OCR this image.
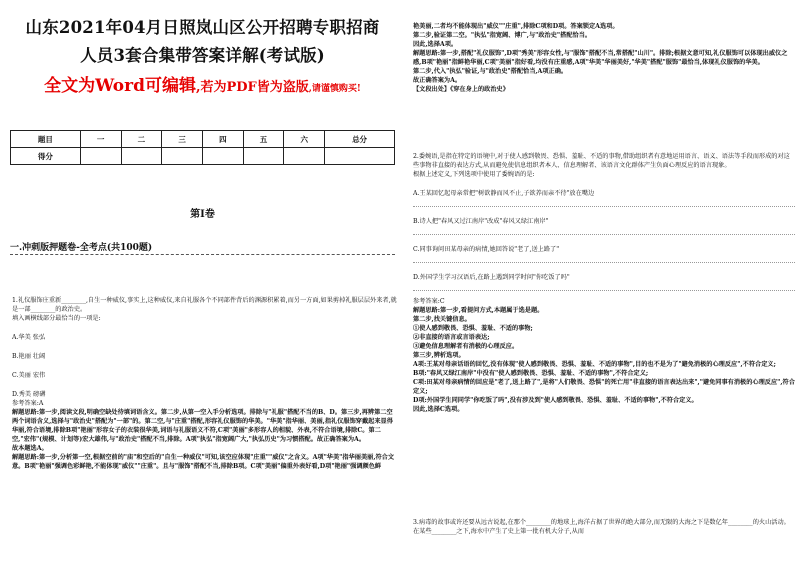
山东2021年04月日照岚山区公开招聘专职招商
人员3套合集带答案详解(考试版)
全文为Word可编辑,若为PDF皆为盗版,请谨慎购买!
题目	一	二	三	四	五	六	总分
得分							
第I卷
一.冲刺版押题卷-全考点(共100题)

1.礼仪服饰庄重新________,自生一种威仪,事实上,这种威仪,来自礼服各个不同部件背后的渊源积累着,而另一方面,如果剪掉礼服层层外来者,就是一部________的政治史。

填入画横线部分最恰当的一项是:

A.华美 张弘

B.艳丽 壮阔

C.美丽 宏伟

D.秀美 磅礴

参考答案:A

解题思路:第一步,阅读文段,明确空缺处待填词语含义。第二步,从第一空入手分析选项。排除与"礼服"搭配不当的B、D。第三步,再辨第二空两个词语含义,选择与"政治史"搭配为"一部"的。第二空,与"庄重"搭配,形容礼仪服饰的华美。"华美"指华丽、美丽,指礼仪服饰穿戴起来显得华丽,符合语境,排除B项"艳丽"形容女子的衣装很华美,词语与礼服语义不符,C项"美丽"多形容人的相貌、外表,不符合语境,排除C。第二空,"宏伟"(规模、计划等)宏大雄伟,与"政治史"搭配不当,排除。A项"执弘"指宽阔广大,"执弘历史"为习惯搭配。故正确答案为A。

故本题选A。

解题思路:第一步,分析第一空,根据空前的"庙"和空后的"自生一种威仪"可知,该空应体现"庄重""威仪"之含义。A项"华美"指华丽美丽,符合文意。B项"艳丽"强调色彩鲜艳,不能体现"威仪""庄重"。且与"服饰"搭配不当,排除B项。C项"美丽"偏重外表好看,D项"艳丽"强调颜色鲜

艳美丽,二者均不能体现出"威仪""庄重",排除C项和D项。答案锁定A选项。

第二步,验证第二空。"执弘"指宽阔、博广,与"政治史"搭配恰当。

因此,选择A项。

解题思路:第一步,搭配"礼仪服饰",D项"秀美"形容女性,与"服饰"搭配不当,常搭配"山川"。排除;根据文意可知,礼仪服饰可以体现出威仪之感,B项"艳丽"指鲜艳华丽,C项"美丽"指好看,均没有庄重感,A项"华美"华丽美好,"华美"搭配"服饰"最恰当,体现礼仪服饰的华美。

第二步,代入"执弘"验证,与"政治史"搭配恰当,A项正确。

故正确答案为A。

【文段出处】《穿在身上的政治史》

2.委婉语,是指在特定的语境中,对于使人感到敬畏、恐惧、羞耻、不适的事物,借助组织者有意地运用语言、语义、语法等手段而形成的对这些事物非直接的表达方式,从而避免使信息组织者本人、信息理解者、该语言文化群体产生负面心理反应的语言现象。

根据上述定义,下列选项中使用了委婉语的是:

A.王某回忆起母亲常把"树欲静而风不止,子欲养而亲不待"放在嘴边

B.诗人把"春风又过江南岸"改成"春风又绿江南岸"

C.同事询问田某母亲的病情,她回答说"老了,送上路了"

D.外国学生学习汉语后,在路上遇到同学时问"你吃饭了吗"

参考答案:C

解题思路:第一步,看提问方式,本题属于选是题。

第二步,找关键信息。

①使人感到敬畏、恐惧、羞耻、不适的事物;

②非直接的语言或言语表达;

③避免信息理解者有消极的心理反应。

第三步,辨析选项。

A项:王某对母亲话语的回忆,没有体现"使人感到敬畏、恐惧、羞耻、不适的事物",目的也不是为了"避免消极的心理反应",不符合定义;

B项:"春风又绿江南岸"中没有"使人感到敬畏、恐惧、羞耻、不适的事物",不符合定义;

C项:田某对母亲病情的回应是"老了,送上路了",是将"人们敬畏、恐惧"的死亡用"非直接的语言表达出来","避免同事有消极的心理反应",符合定义;

D项:外国学生同同学"你吃饭了吗",没有涉及到"使人感到敬畏、恐惧、羞耻、不适的事物",不符合定义。

因此,选择C选项。

3.病毒的故事或许还要从远古说起,在那个________的地球上,海洋占据了世界的绝大部分,而无限的大海之下是数亿年________的火山活动。在某些________之下,海水中产生了史上第一批有机大分子,从而
